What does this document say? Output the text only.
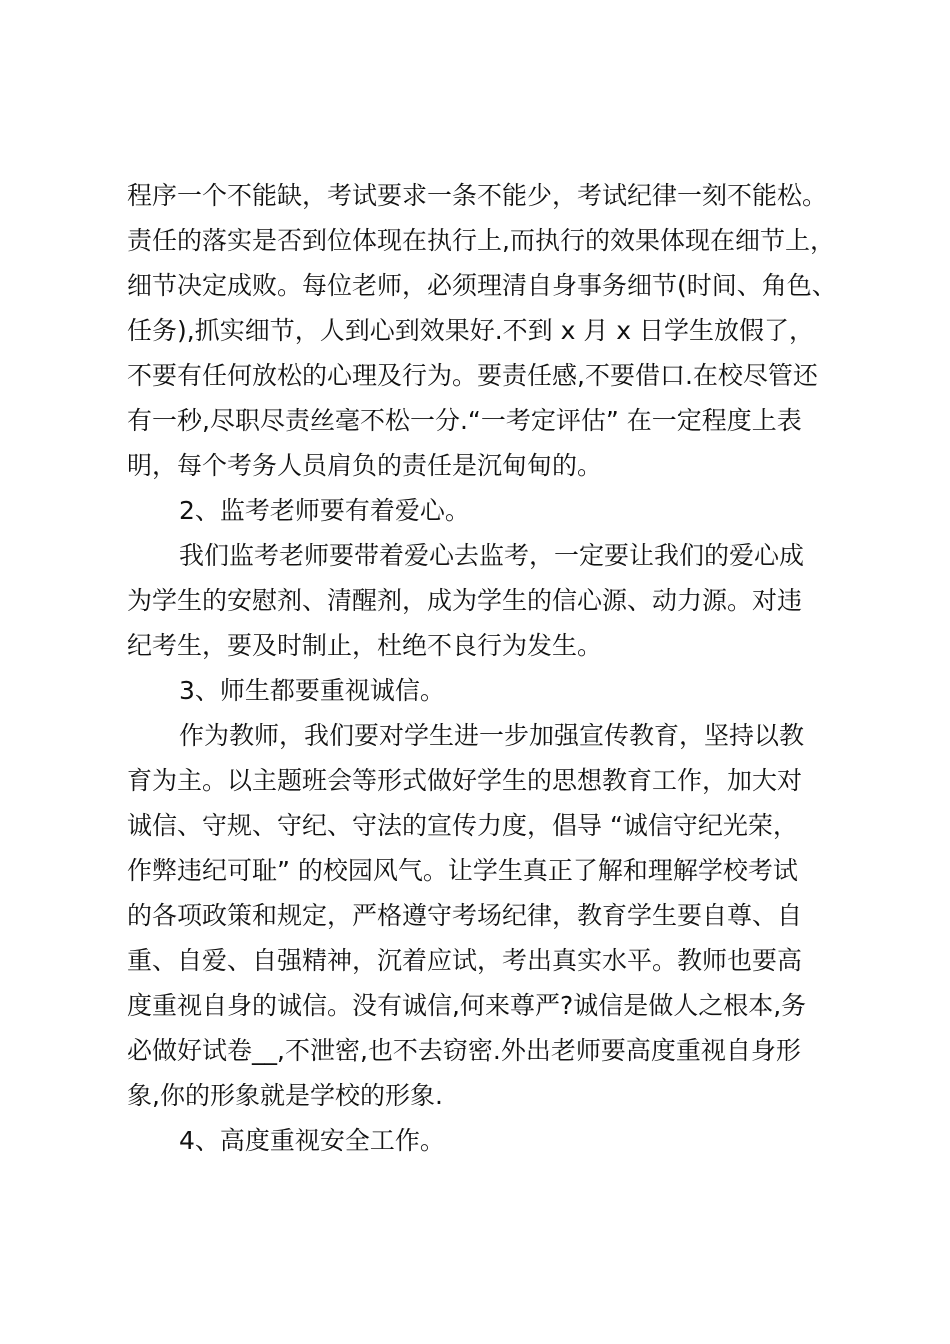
程序一个不能缺，考试要求一条不能少，考试纪律一刻不能松。
责任的落实是否到位体现在执行上,而执行的效果体现在细节上，
细节决定成败。每位老师，必须理清自身事务细节(时间、角色、
任务),抓实细节，人到心到效果好.不到 x 月 x 日学生放假了，
不要有任何放松的心理及行为。要责任感,不要借口.在校尽管还
有一秒,尽职尽责丝毫不松一分.“一考定评估” 在一定程度上表
明，每个考务人员肩负的责任是沉甸甸的。
2、监考老师要有着爱心。
我们监考老师要带着爱心去监考，一定要让我们的爱心成
为学生的安慰剂、清醒剂，成为学生的信心源、动力源。对违
纪考生，要及时制止，杜绝不良行为发生。
3、师生都要重视诚信。
作为教师，我们要对学生进一步加强宣传教育，坚持以教
育为主。以主题班会等形式做好学生的思想教育工作，加大对
诚信、守规、守纪、守法的宣传力度，倡导 “诚信守纪光荣，
作弊违纪可耻” 的校园风气。让学生真正了解和理解学校考试
的各项政策和规定，严格遵守考场纪律，教育学生要自尊、自
重、自爱、自强精神，沉着应试，考出真实水平。教师也要高
度重视自身的诚信。没有诚信,何来尊严?诚信是做人之根本,务
必做好试卷__,不泄密,也不去窃密.外出老师要高度重视自身形
象,你的形象就是学校的形象.
4、高度重视安全工作。
